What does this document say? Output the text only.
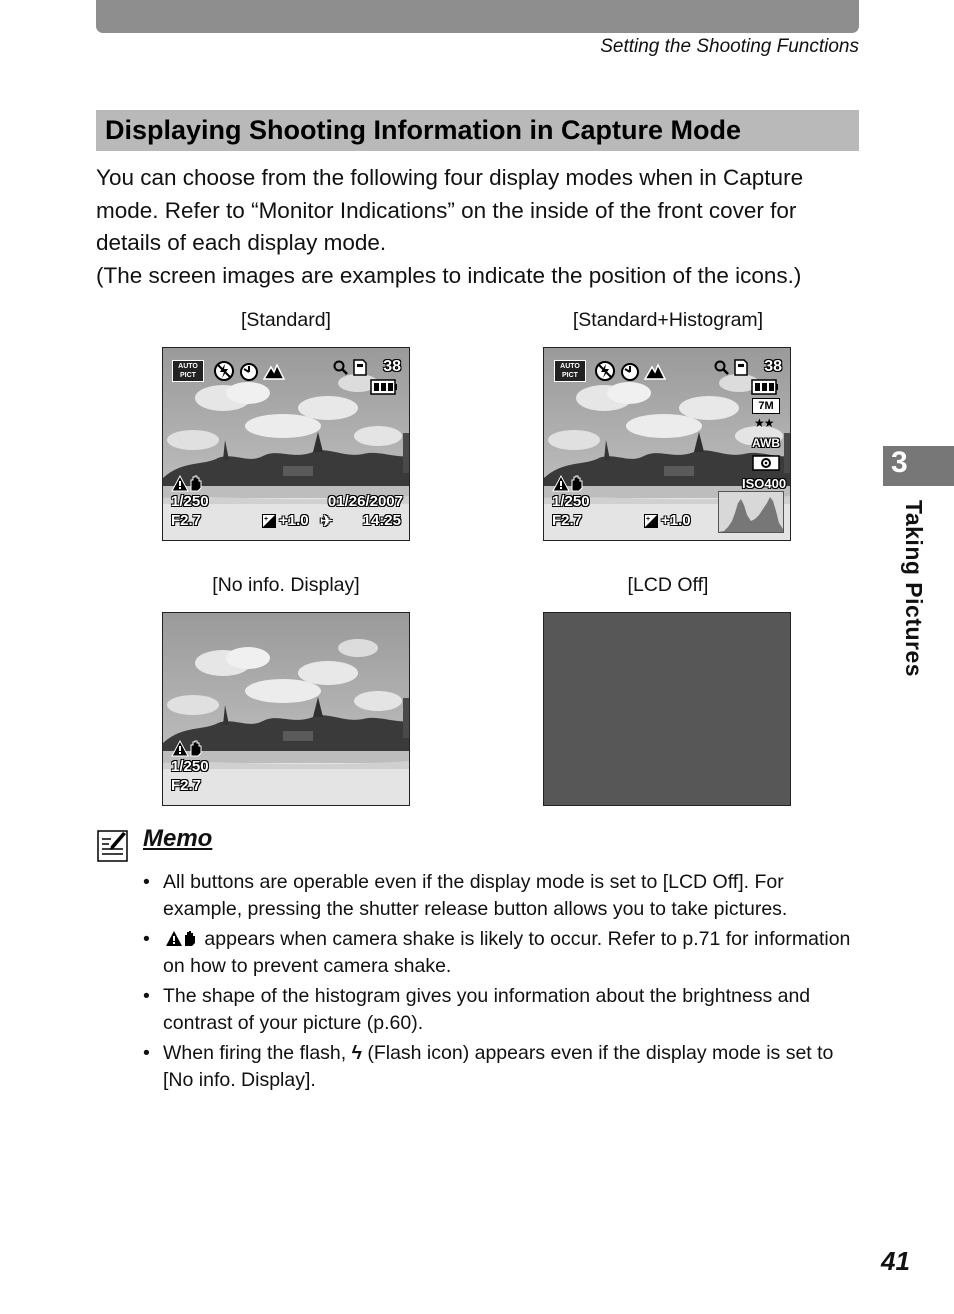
Setting the Shooting Functions
Displaying Shooting Information in Capture Mode

You can choose from the following four display modes when in Capture mode. Refer to “Monitor Indications” on the inside of the front cover for details of each display mode.

(The screen images are examples to indicate the position of the icons.)

[Standard]	[Standard+Histogram]
[No info. Display]	[LCD Off]
AUTO
PICT
38
1/250
F2.7
01/26/2007
+ +1.0 ✈ 14:25
AUTO
PICT
38
7M
★★
AWB
ISO400
1/250
F2.7	+ +1.0
1/250
F2.7
Memo
• All buttons are operable even if the display mode is set to [LCD Off]. For example, pressing the shutter release button allows you to take pictures.
• appears when camera shake is likely to occur. Refer to p.71 for information on how to prevent camera shake.
• The shape of the histogram gives you information about the brightness and contrast of your picture (p.60).
• When firing the flash, ϟ (Flash icon) appears even if the display mode is set to [No info. Display].
3
Taking Pictures
41
